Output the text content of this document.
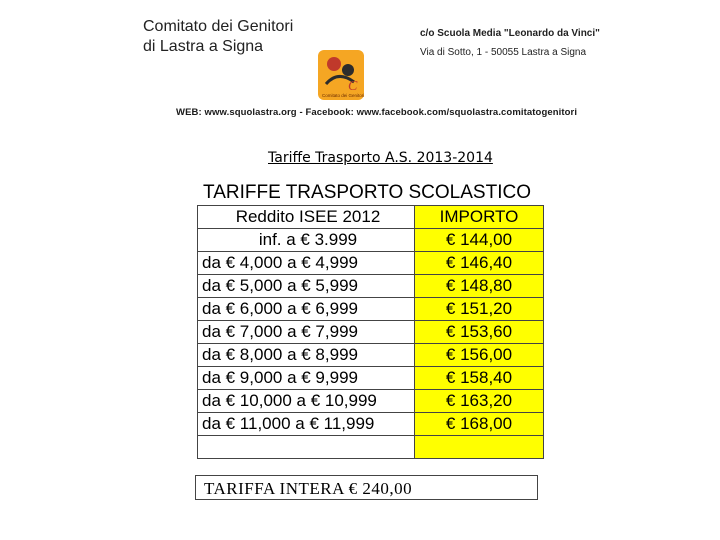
Comitato dei Genitori
di Lastra a Signa
c/o Scuola Media "Leonardo da Vinci"
Via di Sotto, 1 - 50055 Lastra a Signa
C
Comitato dei Genitori
WEB: www.squolastra.org - Facebook: www.facebook.com/squolastra.comitatogenitori
Tariffe Trasporto A.S. 2013-2014
TARIFFE TRASPORTO SCOLASTICO
Reddito ISEE 2012	IMPORTO
inf. a € 3.999	€ 144,00
da € 4,000 a € 4,999	€ 146,40
da € 5,000 a € 5,999	€ 148,80
da € 6,000 a € 6,999	€ 151,20
da € 7,000 a € 7,999	€ 153,60
da € 8,000 a € 8,999	€ 156,00
da € 9,000 a € 9,999	€ 158,40
da € 10,000 a € 10,999	€ 163,20
da € 11,000 a € 11,999	€ 168,00

TARIFFA INTERA € 240,00
